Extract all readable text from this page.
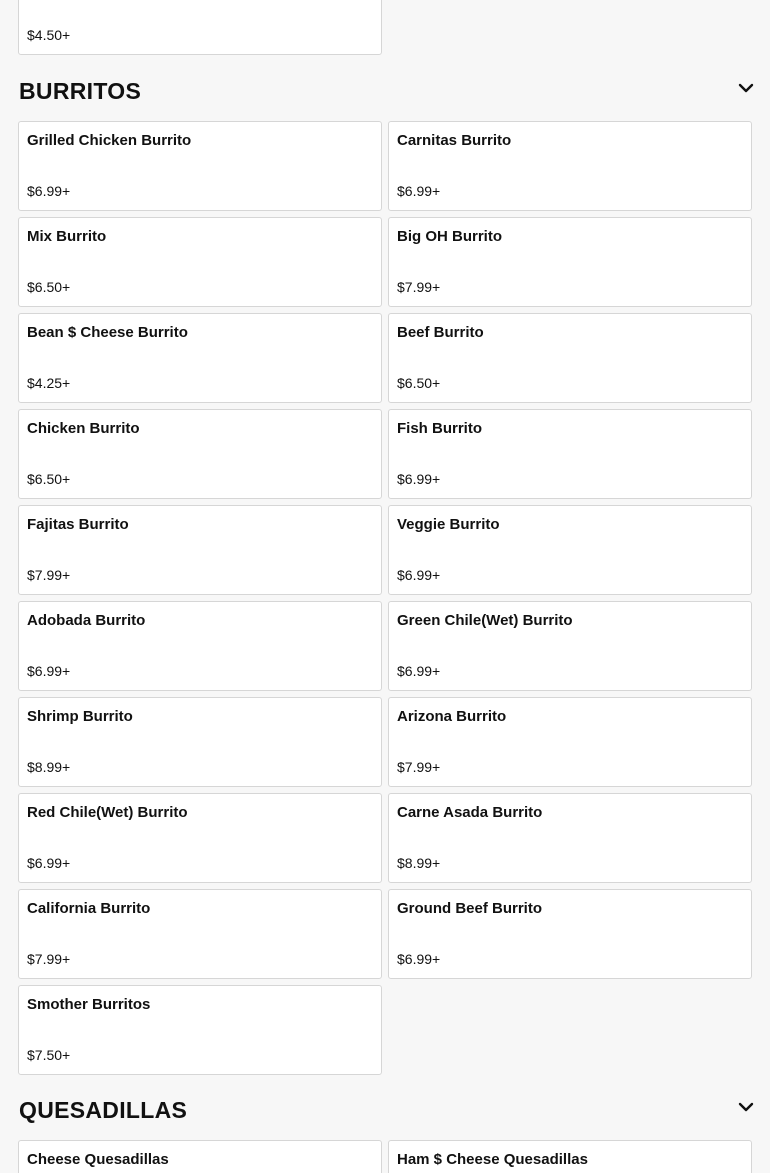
$4.50+
BURRITOS
Grilled Chicken Burrito
$6.99+
Carnitas Burrito
$6.99+
Mix Burrito
$6.50+
Big OH Burrito
$7.99+
Bean $ Cheese Burrito
$4.25+
Beef Burrito
$6.50+
Chicken Burrito
$6.50+
Fish Burrito
$6.99+
Fajitas Burrito
$7.99+
Veggie Burrito
$6.99+
Adobada Burrito
$6.99+
Green Chile(Wet) Burrito
$6.99+
Shrimp Burrito
$8.99+
Arizona Burrito
$7.99+
Red Chile(Wet) Burrito
$6.99+
Carne Asada Burrito
$8.99+
California Burrito
$7.99+
Ground Beef Burrito
$6.99+
Smother Burritos
$7.50+
QUESADILLAS
Cheese Quesadillas	Ham $ Cheese Quesadillas
